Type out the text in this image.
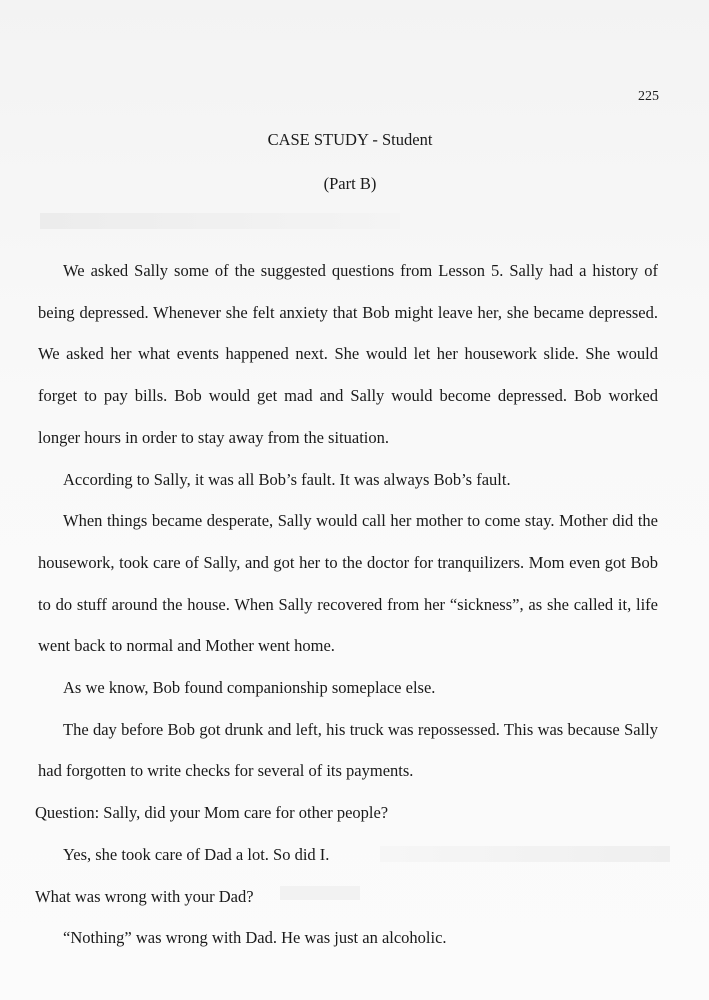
225
CASE STUDY - Student
(Part B)

We asked Sally some of the suggested questions from Lesson 5. Sally had a history of being depressed. Whenever she felt anxiety that Bob might leave her, she became depressed. We asked her what events happened next. She would let her housework slide. She would forget to pay bills. Bob would get mad and Sally would become depressed. Bob worked longer hours in order to stay away from the situation.

According to Sally, it was all Bob’s fault. It was always Bob’s fault.

When things became desperate, Sally would call her mother to come stay. Mother did the housework, took care of Sally, and got her to the doctor for tranquilizers. Mom even got Bob to do stuff around the house. When Sally recovered from her “sickness”, as she called it, life went back to normal and Mother went home.

As we know, Bob found companionship someplace else.

The day before Bob got drunk and left, his truck was repossessed. This was because Sally had forgotten to write checks for several of its payments.

Question: Sally, did your Mom care for other people?

Yes, she took care of Dad a lot. So did I.

What was wrong with your Dad?

“Nothing” was wrong with Dad. He was just an alcoholic.
